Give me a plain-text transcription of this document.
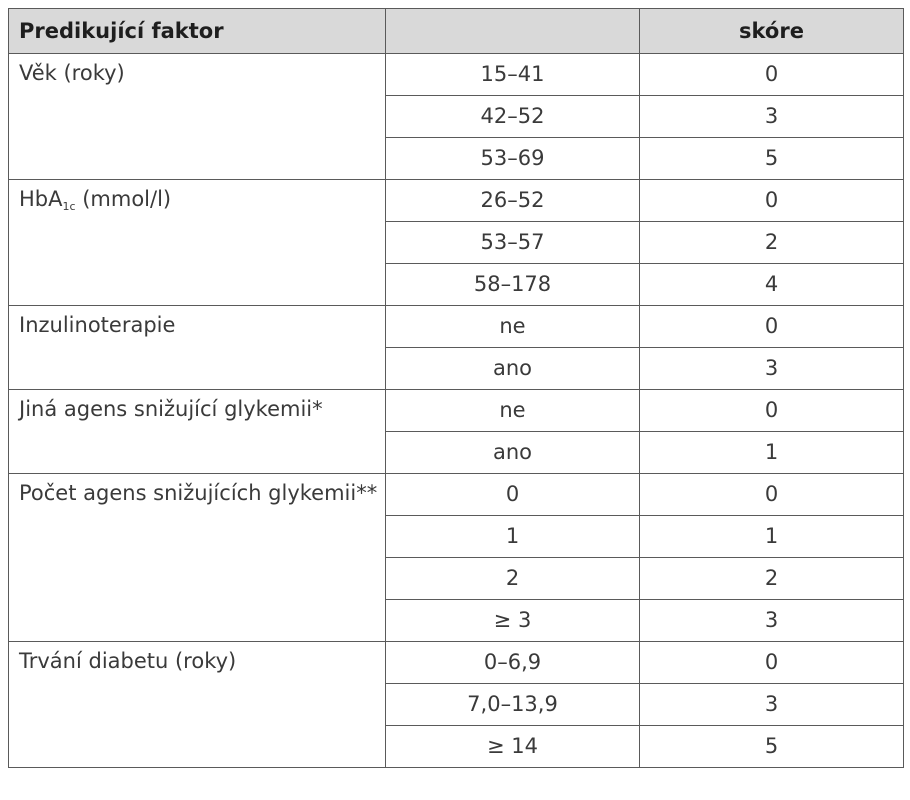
Predikující faktor		skóre
Věk (roky)	15–41	0
	42–52	3
	53–69	5
HbA$_{1c}$ (mmol/l)	26–52	0
	53–57	2
	58–178	4
Inzulinoterapie	ne	0
	ano	3
Jiná agens snižující glykemii*	ne	0
	ano	1
Počet agens snižujících glykemii**	0	0
	1	1
	2	2
	≥ 3	3
Trvání diabetu (roky)	0–6,9	0
	7,0–13,9	3
	≥ 14	5
